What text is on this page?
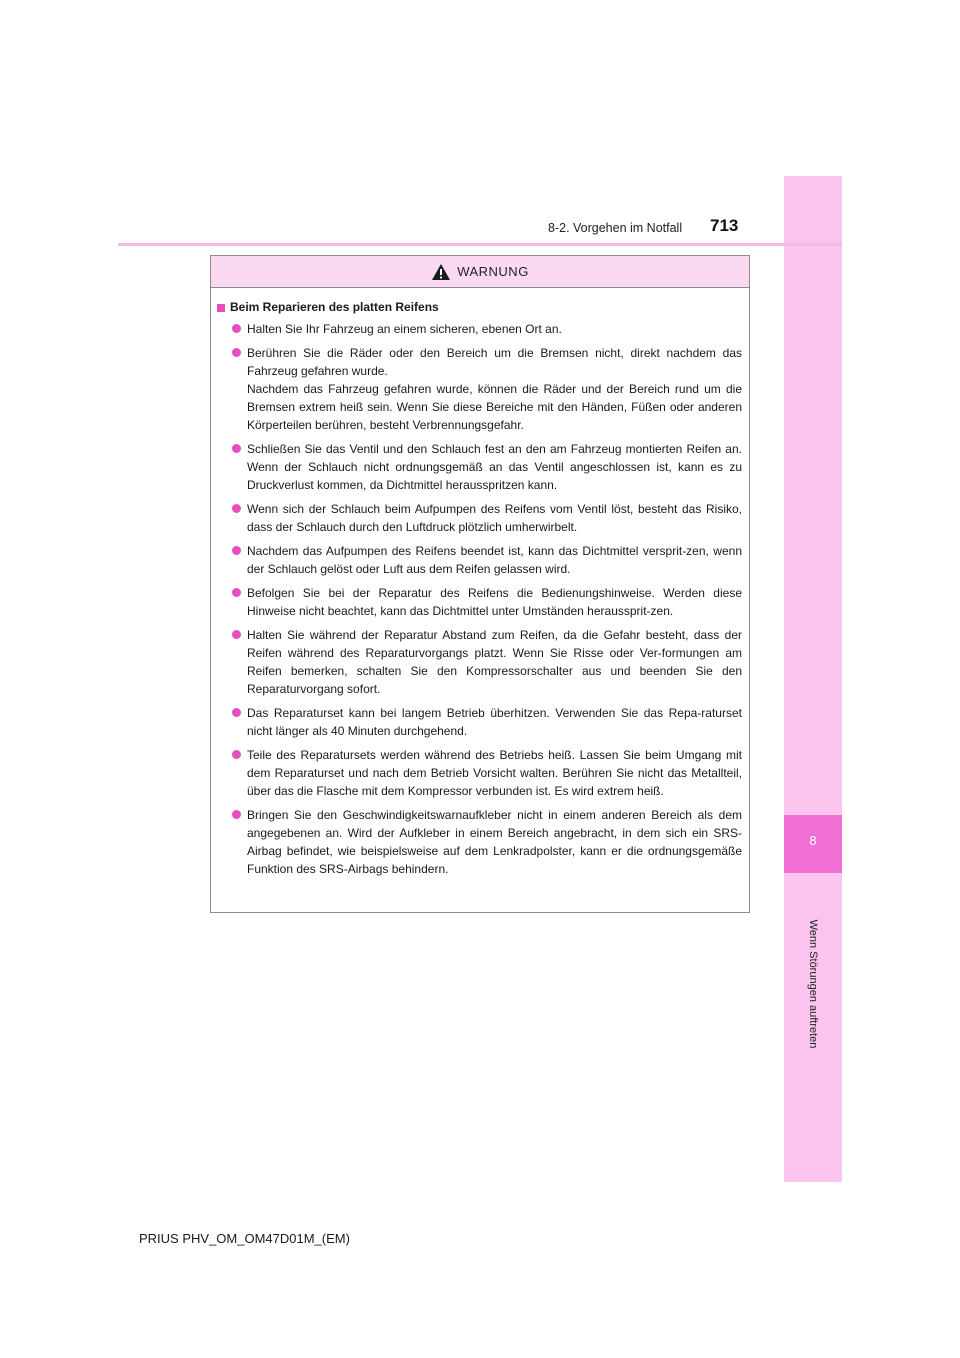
8
Wenn Störungen auftreten
8-2. Vorgehen im Notfall 713
WARNUNG
Beim Reparieren des platten Reifens
Halten Sie Ihr Fahrzeug an einem sicheren, ebenen Ort an.
Berühren Sie die Räder oder den Bereich um die Bremsen nicht, direkt nachdem das Fahrzeug gefahren wurde.
Nachdem das Fahrzeug gefahren wurde, können die Räder und der Bereich rund um die Bremsen extrem heiß sein. Wenn Sie diese Bereiche mit den Händen, Füßen oder anderen Körperteilen berühren, besteht Verbrennungsgefahr.
Schließen Sie das Ventil und den Schlauch fest an den am Fahrzeug montierten Reifen an. Wenn der Schlauch nicht ordnungsgemäß an das Ventil angeschlossen ist, kann es zu Druckverlust kommen, da Dichtmittel herausspritzen kann.
Wenn sich der Schlauch beim Aufpumpen des Reifens vom Ventil löst, besteht das Risiko, dass der Schlauch durch den Luftdruck plötzlich umherwirbelt.
Nachdem das Aufpumpen des Reifens beendet ist, kann das Dichtmittel versprit-zen, wenn der Schlauch gelöst oder Luft aus dem Reifen gelassen wird.
Befolgen Sie bei der Reparatur des Reifens die Bedienungshinweise. Werden diese Hinweise nicht beachtet, kann das Dichtmittel unter Umständen heraussprit-zen.
Halten Sie während der Reparatur Abstand zum Reifen, da die Gefahr besteht, dass der Reifen während des Reparaturvorgangs platzt. Wenn Sie Risse oder Ver-formungen am Reifen bemerken, schalten Sie den Kompressorschalter aus und beenden Sie den Reparaturvorgang sofort.
Das Reparaturset kann bei langem Betrieb überhitzen. Verwenden Sie das Repa-raturset nicht länger als 40 Minuten durchgehend.
Teile des Reparatursets werden während des Betriebs heiß. Lassen Sie beim Umgang mit dem Reparaturset und nach dem Betrieb Vorsicht walten. Berühren Sie nicht das Metallteil, über das die Flasche mit dem Kompressor verbunden ist. Es wird extrem heiß.
Bringen Sie den Geschwindigkeitswarnaufkleber nicht in einem anderen Bereich als dem angegebenen an. Wird der Aufkleber in einem Bereich angebracht, in dem sich ein SRS-Airbag befindet, wie beispielsweise auf dem Lenkradpolster, kann er die ordnungsgemäße Funktion des SRS-Airbags behindern.
PRIUS PHV_OM_OM47D01M_(EM)
